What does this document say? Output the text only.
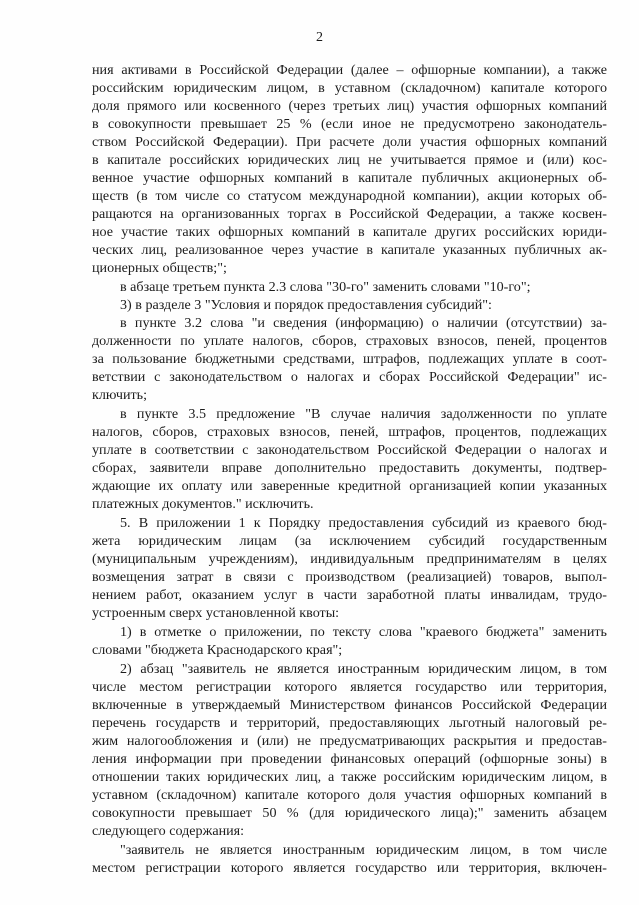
2
ния активами в Российской Федерации (далее – офшорные компании), а также
российским юридическим лицом, в уставном (складочном) капитале которого
доля прямого или косвенного (через третьих лиц) участия офшорных компаний
в совокупности превышает 25 % (если иное не предусмотрено законодатель-
ством Российской Федерации). При расчете доли участия офшорных компаний
в капитале российских юридических лиц не учитывается прямое и (или) кос-
венное участие офшорных компаний в капитале публичных акционерных об-
ществ (в том числе со статусом международной компании), акции которых об-
ращаются на организованных торгах в Российской Федерации, а также косвен-
ное участие таких офшорных компаний в капитале других российских юриди-
ческих лиц, реализованное через участие в капитале указанных публичных ак-
ционерных обществ;";
в абзаце третьем пункта 2.3 слова "30-го" заменить словами "10-го";
3) в разделе 3 "Условия и порядок предоставления субсидий":
в пункте 3.2 слова "и сведения (информацию) о наличии (отсутствии) за-
долженности по уплате налогов, сборов, страховых взносов, пеней, процентов
за пользование бюджетными средствами, штрафов, подлежащих уплате в соот-
ветствии с законодательством о налогах и сборах Российской Федерации" ис-
ключить;
в пункте 3.5 предложение "В случае наличия задолженности по уплате
налогов, сборов, страховых взносов, пеней, штрафов, процентов, подлежащих
уплате в соответствии с законодательством Российской Федерации о налогах и
сборах, заявители вправе дополнительно предоставить документы, подтвер-
ждающие их оплату или заверенные кредитной организацией копии указанных
платежных документов." исключить.
5. В приложении 1 к Порядку предоставления субсидий из краевого бюд-
жета юридическим лицам (за исключением субсидий государственным
(муниципальным учреждениям), индивидуальным предпринимателям в целях
возмещения затрат в связи с производством (реализацией) товаров, выпол-
нением работ, оказанием услуг в части заработной платы инвалидам, трудо-
устроенным сверх установленной квоты:
1) в отметке о приложении, по тексту слова "краевого бюджета" заменить
словами "бюджета Краснодарского края";
2) абзац "заявитель не является иностранным юридическим лицом, в том
числе местом регистрации которого является государство или территория,
включенные в утверждаемый Министерством финансов Российской Федерации
перечень государств и территорий, предоставляющих льготный налоговый ре-
жим налогообложения и (или) не предусматривающих раскрытия и предостав-
ления информации при проведении финансовых операций (офшорные зоны) в
отношении таких юридических лиц, а также российским юридическим лицом, в
уставном (складочном) капитале которого доля участия офшорных компаний в
совокупности превышает 50 % (для юридического лица);" заменить абзацем
следующего содержания:
"заявитель не является иностранным юридическим лицом, в том числе
местом регистрации которого является государство или территория, включен-
